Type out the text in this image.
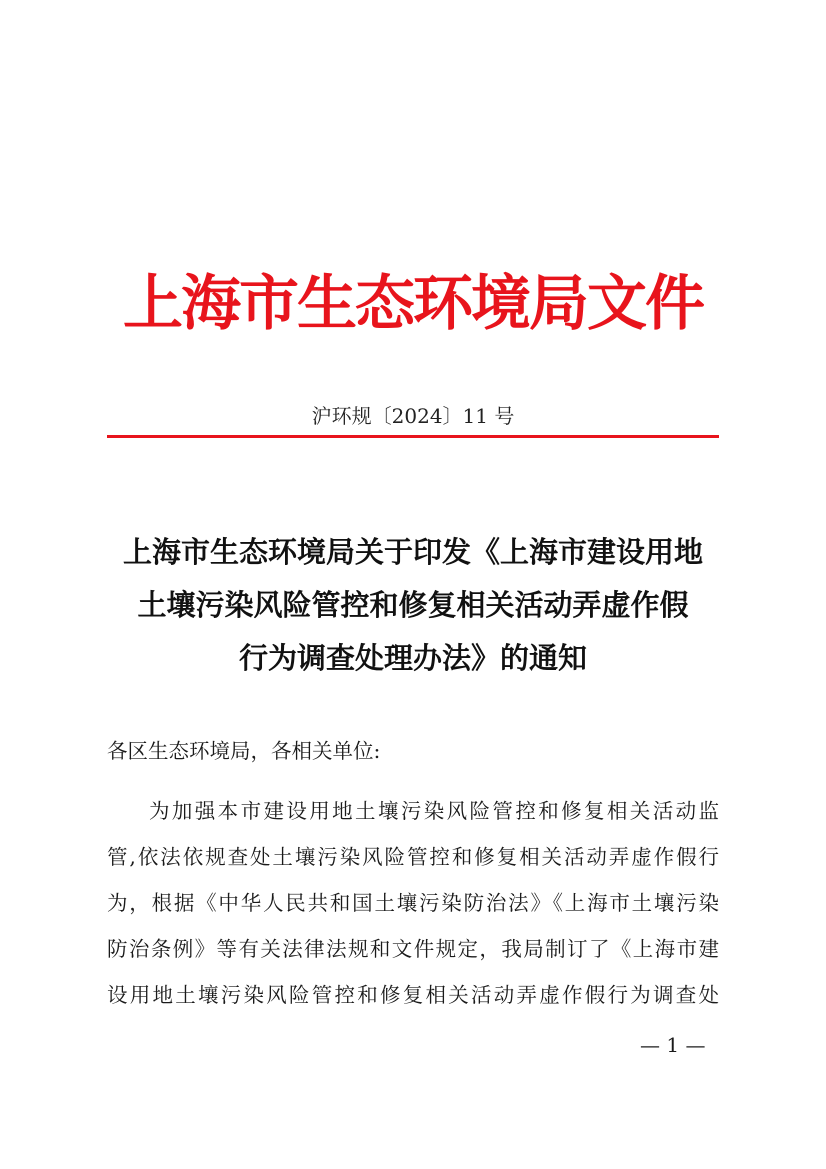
上海市生态环境局文件
沪环规〔2024〕11 号
上海市生态环境局关于印发《上海市建设用地
土壤污染风险管控和修复相关活动弄虚作假
行为调查处理办法》的通知
各区生态环境局，各相关单位:
为加强本市建设用地土壤污染风险管控和修复相关活动监
管,依法依规查处土壤污染风险管控和修复相关活动弄虚作假行
为，根据《中华人民共和国土壤污染防治法》《上海市土壤污染
防治条例》等有关法律法规和文件规定，我局制订了《上海市建
设用地土壤污染风险管控和修复相关活动弄虚作假行为调查处
— 1 —
